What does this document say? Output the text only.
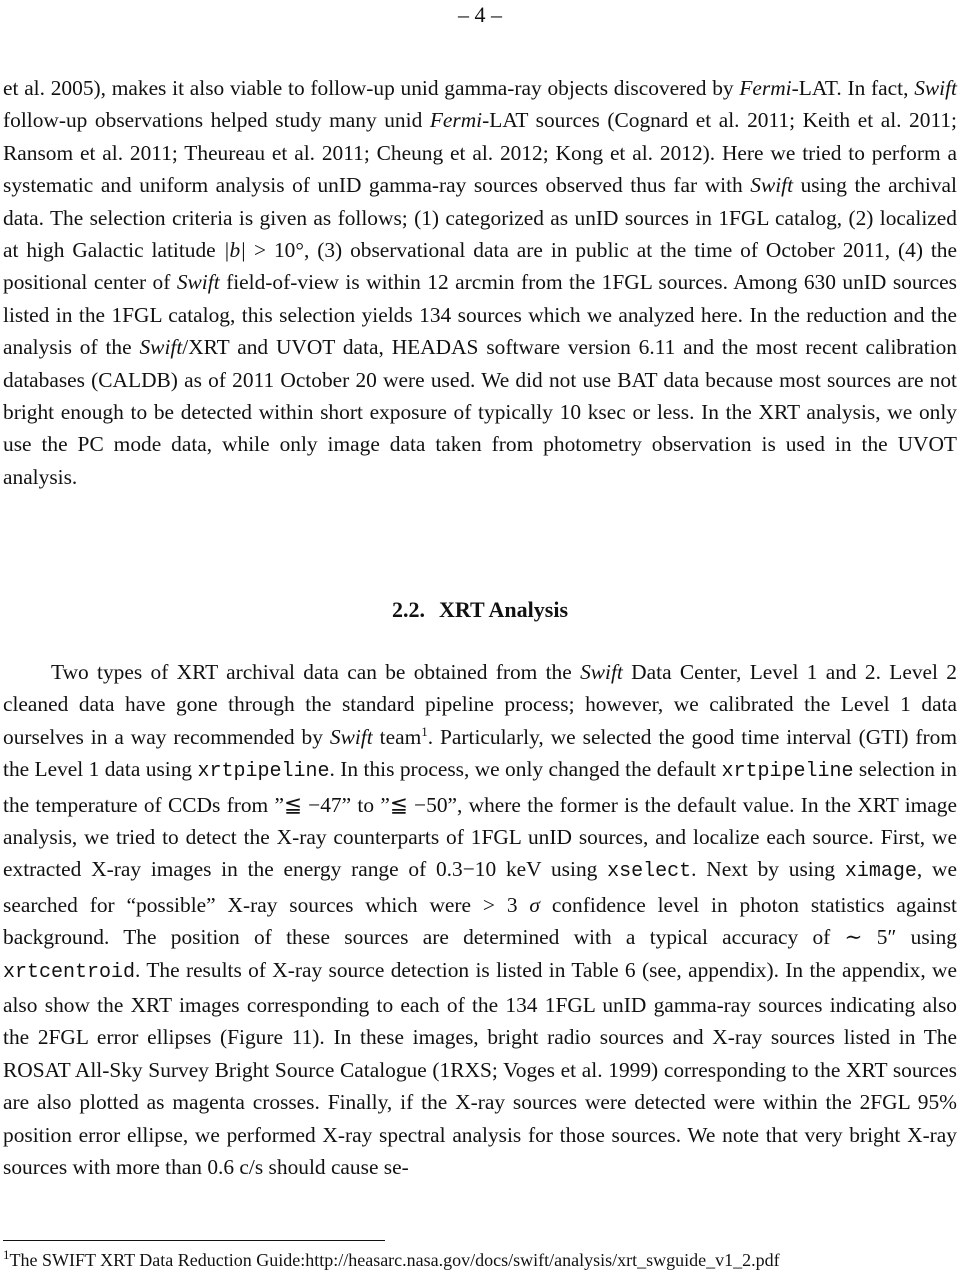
– 4 –

et al. 2005), makes it also viable to follow-up unid gamma-ray objects discovered by Fermi-LAT. In fact, Swift follow-up observations helped study many unid Fermi-LAT sources (Cognard et al. 2011; Keith et al. 2011; Ransom et al. 2011; Theureau et al. 2011; Cheung et al. 2012; Kong et al. 2012). Here we tried to perform a systematic and uniform analysis of unID gamma-ray sources observed thus far with Swift using the archival data. The selection criteria is given as follows; (1) categorized as unID sources in 1FGL catalog, (2) localized at high Galactic latitude |b| > 10°, (3) observational data are in public at the time of October 2011, (4) the positional center of Swift field-of-view is within 12 arcmin from the 1FGL sources. Among 630 unID sources listed in the 1FGL catalog, this selection yields 134 sources which we analyzed here. In the reduction and the analysis of the Swift/XRT and UVOT data, HEADAS software version 6.11 and the most recent calibration databases (CALDB) as of 2011 October 20 were used. We did not use BAT data because most sources are not bright enough to be detected within short exposure of typically 10 ksec or less. In the XRT analysis, we only use the PC mode data, while only image data taken from photometry observation is used in the UVOT analysis.

2.2. XRT Analysis

Two types of XRT archival data can be obtained from the Swift Data Center, Level 1 and 2. Level 2 cleaned data have gone through the standard pipeline process; however, we calibrated the Level 1 data ourselves in a way recommended by Swift team$^1$. Particularly, we selected the good time interval (GTI) from the Level 1 data using xrtpipeline. In this process, we only changed the default xrtpipeline selection in the temperature of CCDs from ”≦ −47” to ”≦ −50”, where the former is the default value. In the XRT image analysis, we tried to detect the X-ray counterparts of 1FGL unID sources, and localize each source. First, we extracted X-ray images in the energy range of 0.3−10 keV using xselect. Next by using ximage, we searched for “possible” X-ray sources which were > 3 σ confidence level in photon statistics against background. The position of these sources are determined with a typical accuracy of ∼ 5″ using xrtcentroid. The results of X-ray source detection is listed in Table 6 (see, appendix). In the appendix, we also show the XRT images corresponding to each of the 134 1FGL unID gamma-ray sources indicating also the 2FGL error ellipses (Figure 11). In these images, bright radio sources and X-ray sources listed in The ROSAT All-Sky Survey Bright Source Catalogue (1RXS; Voges et al. 1999) corresponding to the XRT sources are also plotted as magenta crosses. Finally, if the X-ray sources were detected were within the 2FGL 95% position error ellipse, we performed X-ray spectral analysis for those sources. We note that very bright X-ray sources with more than 0.6 c/s should cause se-

$^1$The SWIFT XRT Data Reduction Guide:http://heasarc.nasa.gov/docs/swift/analysis/xrt_swguide_v1_2.pdf
